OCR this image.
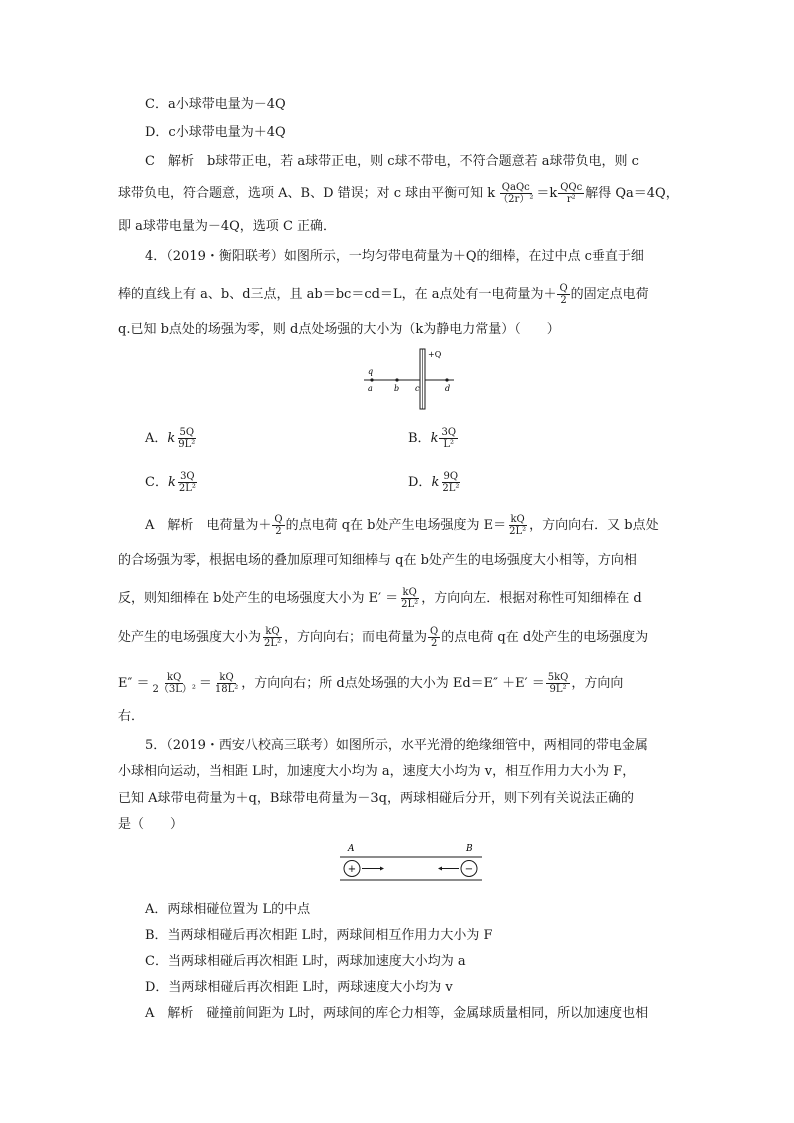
C．a小球带电量为－4Q
D．c小球带电量为＋4Q
C　解析　b球带正电，若 a球带正电，则 c球不带电，不符合题意若 a球带负电，则 c
球带负电，符合题意，选项 A、B、D 错误；对 c 球由平衡可知 k $\frac{\text{QaQc}}{\text{（2r）²}} =k \frac{\text{QQc}}{\text{r²}}$ 解得 Qa＝4Q，
即 a球带电量为－4Q，选项 C 正确．
4．（2019・衡阳联考）如图所示，一均匀带电荷量为＋Q的细棒，在过中点 c垂直于细
棒的直线上有 a、b、d三点，且 ab＝bc＝cd＝L，在 a点处有一电荷量为＋ $\frac{Q}{2}$ 的固定点电荷
q.已知 b点处的场强为零，则 d点处场强的大小为（k为静电力常量）（　　）
+Q
q
a	b c	d
A．k $\frac{5Q}{\text{9L²}}$	B．k $\frac{3Q}{\text{L²}}$
C．k $\frac{3Q}{\text{2L²}}$	D．k $\frac{9Q}{\text{2L²}}$
A　解析　电荷量为＋ $\frac{Q}{2}$ 的点电荷 q在 b处产生电场强度为 $E= \frac{kQ}{\text{2L²}}$ ，方向向右．又 b点处
的合场强为零，根据电场的叠加原理可知细棒与 q在 b处产生的电场强度大小相等，方向相
反，则知细棒在 b处产生的电场强度大小为 $E' = \frac{kQ}{\text{2L²}}$ ，方向向左．根据对称性可知细棒在 d
处产生的电场强度大小为 $\frac{kQ}{\text{2L²}}$ ，方向向右；而电荷量为 $\frac{Q}{2}$ 的点电荷 q在 d处产生的电场强度为
$E'' = \frac{kQ}{\text{2（3L）²}} = \frac{kQ}{\text{18L²}}$ ，方向向右；所 d点处场强的大小为 $Ed=E'' +E' = \frac{5kQ}{\text{9L²}}$ ，方向向
右．
5．（2019・西安八校高三联考）如图所示，水平光滑的绝缘细管中，两相同的带电金属
小球相向运动，当相距 L时，加速度大小均为 a，速度大小均为 v，相互作用力大小为 F，
已知 A球带电荷量为＋q，B球带电荷量为－3q，两球相碰后分开，则下列有关说法正确的
是（　　）
A	B
+	−
A．两球相碰位置为 L的中点
B．当两球相碰后再次相距 L时，两球间相互作用力大小为 F
C．当两球相碰后再次相距 L时，两球加速度大小均为 a
D．当两球相碰后再次相距 L时，两球速度大小均为 v
A　解析　碰撞前间距为 L时，两球间的库仑力相等，金属球质量相同，所以加速度也相
